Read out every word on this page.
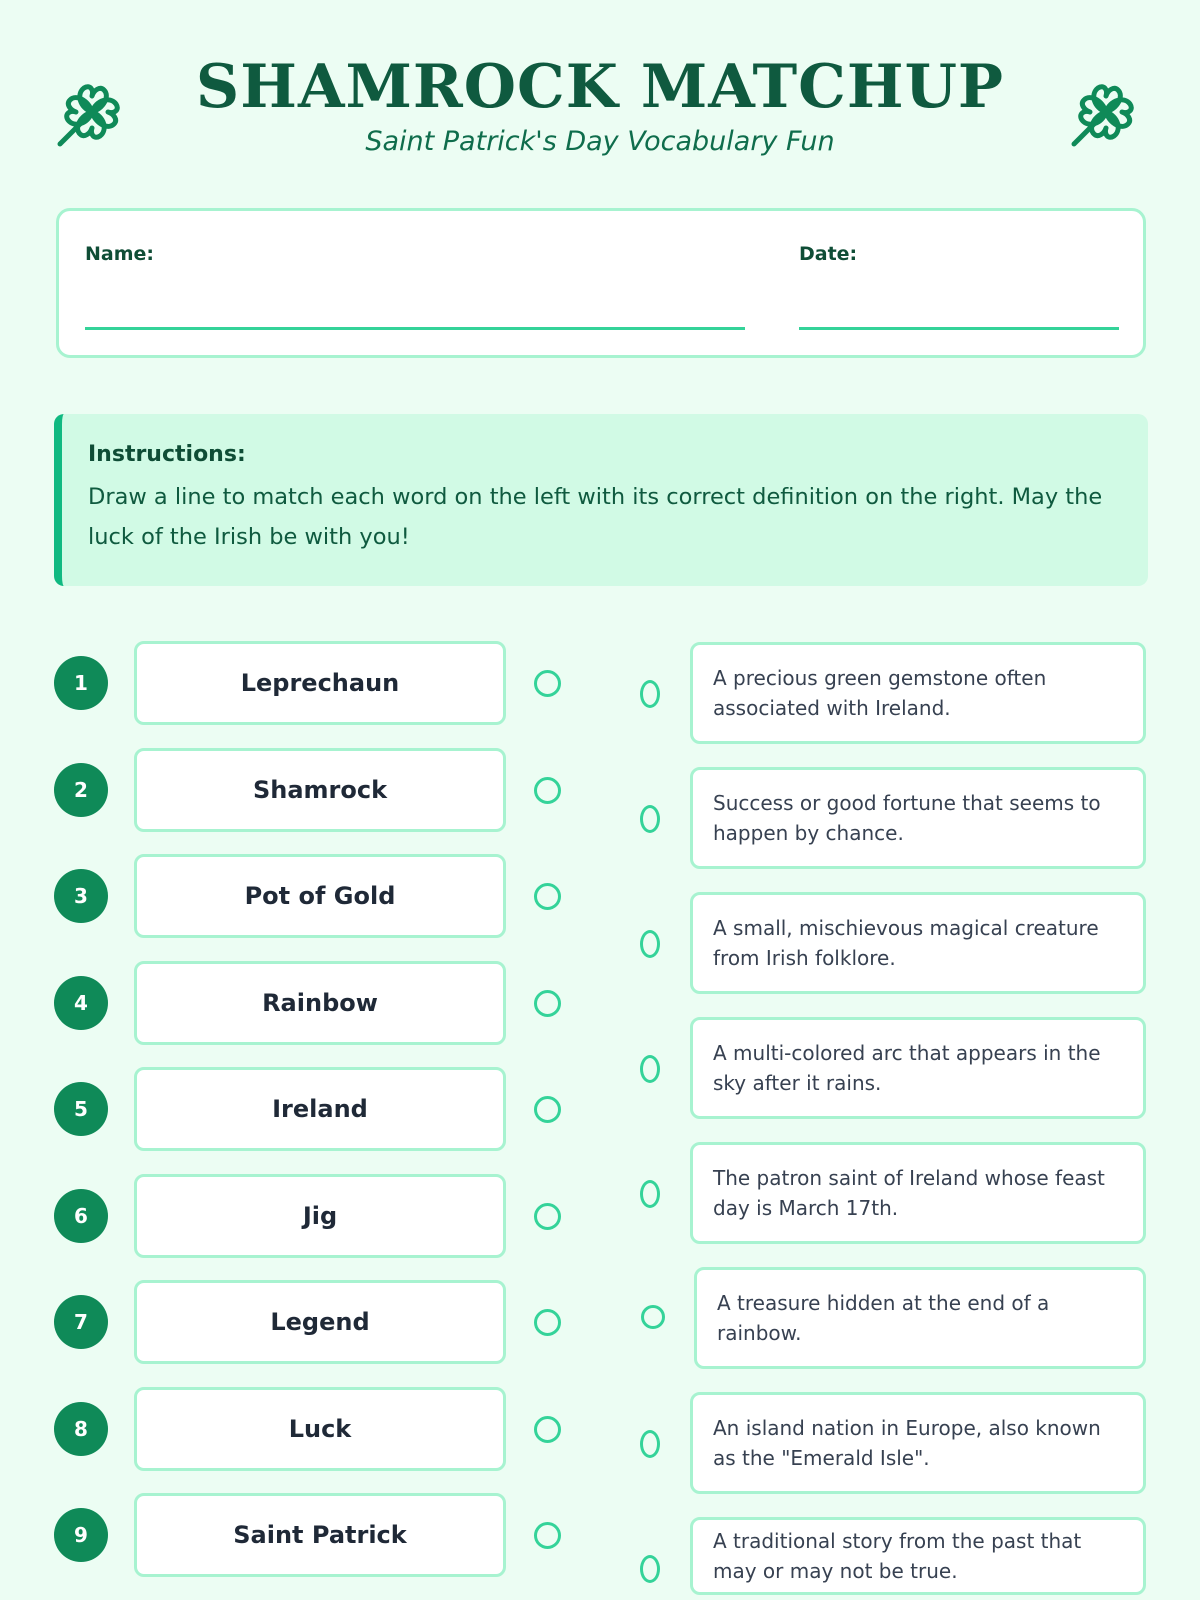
SHAMROCK MATCHUP
Saint Patrick's Day Vocabulary Fun
Name:	Date:
Instructions:
Draw a line to match each word on the left with its correct definition on the right. May the luck of the Irish be with you!
1	Leprechaun
2	Shamrock
3	Pot of Gold
4	Rainbow
5	Ireland
6	Jig
7	Legend
8	Luck
9	Saint Patrick
A precious green gemstone often associated with Ireland.
Success or good fortune that seems to happen by chance.
A small, mischievous magical creature from Irish folklore.
A multi-colored arc that appears in the sky after it rains.
The patron saint of Ireland whose feast day is March 17th.
A treasure hidden at the end of a rainbow.
An island nation in Europe, also known as the "Emerald Isle".
A traditional story from the past that may or may not be true.
